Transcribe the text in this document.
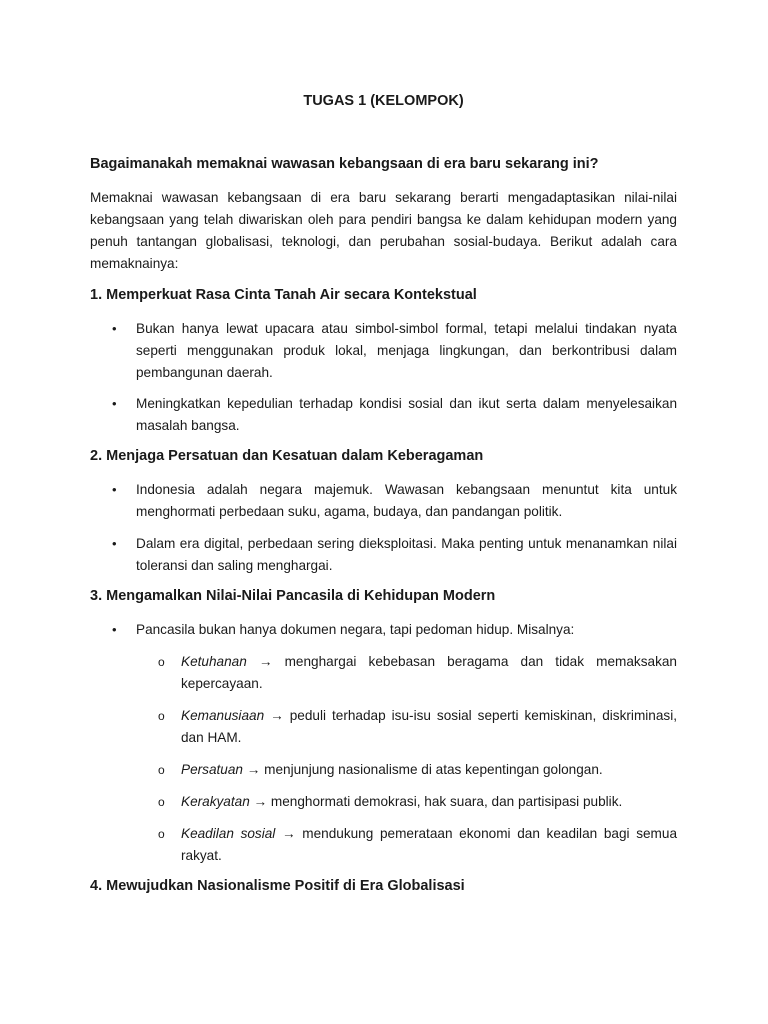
TUGAS 1 (KELOMPOK)
Bagaimanakah memaknai wawasan kebangsaan di era baru sekarang ini?

Memaknai wawasan kebangsaan di era baru sekarang berarti mengadaptasikan nilai-nilai kebangsaan yang telah diwariskan oleh para pendiri bangsa ke dalam kehidupan modern yang penuh tantangan globalisasi, teknologi, dan perubahan sosial-budaya. Berikut adalah cara memaknainya:

1. Memperkuat Rasa Cinta Tanah Air secara Kontekstual
• Bukan hanya lewat upacara atau simbol-simbol formal, tetapi melalui tindakan nyata seperti menggunakan produk lokal, menjaga lingkungan, dan berkontribusi dalam pembangunan daerah.
• Meningkatkan kepedulian terhadap kondisi sosial dan ikut serta dalam menyelesaikan masalah bangsa.
2. Menjaga Persatuan dan Kesatuan dalam Keberagaman
• Indonesia adalah negara majemuk. Wawasan kebangsaan menuntut kita untuk menghormati perbedaan suku, agama, budaya, dan pandangan politik.
• Dalam era digital, perbedaan sering dieksploitasi. Maka penting untuk menanamkan nilai toleransi dan saling menghargai.
3. Mengamalkan Nilai-Nilai Pancasila di Kehidupan Modern
• Pancasila bukan hanya dokumen negara, tapi pedoman hidup. Misalnya:
o Ketuhanan → menghargai kebebasan beragama dan tidak memaksakan kepercayaan.
o Kemanusiaan → peduli terhadap isu-isu sosial seperti kemiskinan, diskriminasi, dan HAM.
o Persatuan → menjunjung nasionalisme di atas kepentingan golongan.
o Kerakyatan → menghormati demokrasi, hak suara, dan partisipasi publik.
o Keadilan sosial → mendukung pemerataan ekonomi dan keadilan bagi semua rakyat.
4. Mewujudkan Nasionalisme Positif di Era Globalisasi
